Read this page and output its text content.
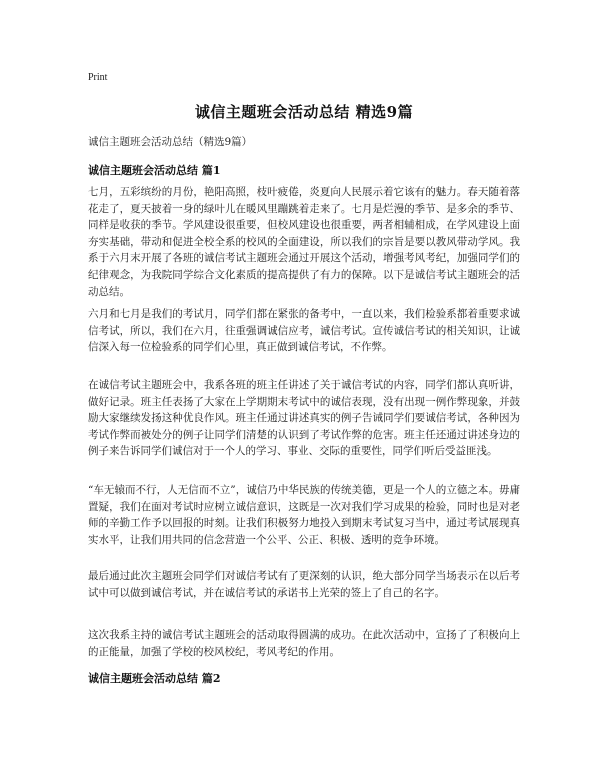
Print
诚信主题班会活动总结 精选9篇
诚信主题班会活动总结（精选9篇）
诚信主题班会活动总结 篇1
七月，五彩缤纷的月份，艳阳高照，枝叶疲倦，炎夏向人民展示着它该有的魅力。春天随着落花走了，夏天披着一身的绿叶儿在暖风里蹦跳着走来了。七月是烂漫的季节、是多余的季节、同样是收获的季节。学风建设很重要，但校风建设也很重要，两者相辅相成，在学风建设上面夯实基础，带动和促进全校全系的校风的全面建设，所以我们的宗旨是要以教风带动学风。我系于六月末开展了各班的诚信考试主题班会通过开展这个活动，增强考风考纪，加强同学们的纪律观念，为我院同学综合文化素质的提高提供了有力的保障。以下是诚信考试主题班会的活动总结。
六月和七月是我们的考试月，同学们都在紧张的备考中，一直以来，我们检验系都着重要求诚信考试，所以，我们在六月，往重强调诚信应考，诚信考试。宣传诚信考试的相关知识，让诚信深入每一位检验系的同学们心里，真正做到诚信考试，不作弊。
在诚信考试主题班会中，我系各班的班主任讲述了关于诚信考试的内容，同学们都认真听讲，做好记录。班主任表扬了大家在上学期期末考试中的诚信表现，没有出现一例作弊现象，并鼓励大家继续发扬这种优良作风。班主任通过讲述真实的例子告诫同学们要诚信考试，各种因为考试作弊而被处分的例子让同学们清楚的认识到了考试作弊的危害。班主任还通过讲述身边的例子来告诉同学们诚信对于一个人的学习、事业、交际的重要性，同学们听后受益匪浅。
“车无辕而不行，人无信而不立”，诚信乃中华民族的传统美德，更是一个人的立德之本。毋庸置疑，我们在面对考试时应树立诚信意识，这既是一次对我们学习成果的检验，同时也是对老师的辛勤工作予以回报的时刻。让我们积极努力地投入到期末考试复习当中，通过考试展现真实水平，让我们用共同的信念营造一个公平、公正、积极、透明的竞争环境。
最后通过此次主题班会同学们对诚信考试有了更深刻的认识，绝大部分同学当场表示在以后考试中可以做到诚信考试，并在诚信考试的承诺书上光荣的签上了自己的名字。
这次我系主持的诚信考试主题班会的活动取得圆满的成功。在此次活动中，宣扬了了积极向上的正能量，加强了学校的校风校纪，考风考纪的作用。
诚信主题班会活动总结 篇2
